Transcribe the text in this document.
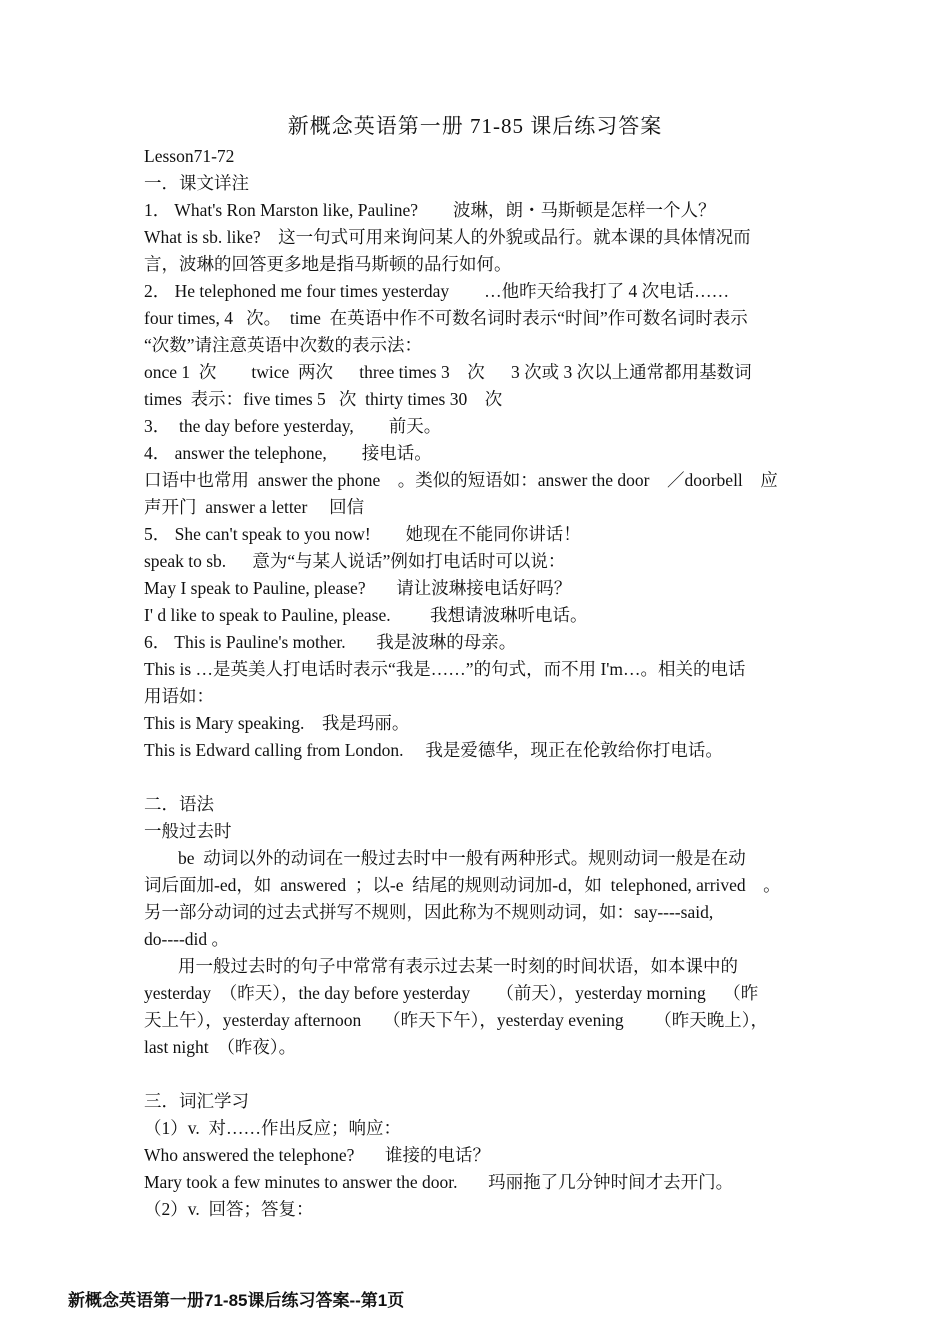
新概念英语第一册 71-85 课后练习答案
Lesson71-72
一．课文详注
1． What's Ron Marston like, Pauline?        波琳，朗・马斯顿是怎样一个人？
What is sb. like?    这一句式可用来询问某人的外貌或品行。就本课的具体情况而
言，波琳的回答更多地是指马斯顿的品行如何。
2． He telephoned me four times yesterday        …他昨天给我打了 4 次电话……
four times, 4   次。  time  在英语中作不可数名词时表示“时间”作可数名词时表示
“次数”请注意英语中次数的表示法：
once 1  次        twice  两次      three times 3    次      3 次或 3 次以上通常都用基数词
times  表示：five times 5   次  thirty times 30    次
3．  the day before yesterday,        前天。
4． answer the telephone,        接电话。
口语中也常用  answer the phone    。类似的短语如：answer the door    ／doorbell    应
声开门  answer a letter     回信
5． She can't speak to you now!        她现在不能同你讲话！
speak to sb.      意为“与某人说话”例如打电话时可以说：
May I speak to Pauline, please?       请让波琳接电话好吗？
I' d like to speak to Pauline, please.         我想请波琳听电话。
6． This is Pauline's mother.       我是波琳的母亲。
This is …是英美人打电话时表示“我是……”的句式，而不用 I'm…。相关的电话
用语如：
This is Mary speaking.    我是玛丽。
This is Edward calling from London.     我是爱德华，现正在伦敦给你打电话。
二．语法
一般过去时
be  动词以外的动词在一般过去时中一般有两种形式。规则动词一般是在动
词后面加-ed，如  answered  ；以-e  结尾的规则动词加-d，如  telephoned, arrived    。
另一部分动词的过去式拼写不规则，因此称为不规则动词，如：say----said,
do----did 。
用一般过去时的句子中常常有表示过去某一时刻的时间状语，如本课中的
yesterday  （昨天），the day before yesterday      （前天），yesterday morning    （昨
天上午），yesterday afternoon     （昨天下午），yesterday evening       （昨天晚上），
last night  （昨夜）。
三．词汇学习
（1）v.  对……作出反应；响应：
Who answered the telephone?       谁接的电话？
Mary took a few minutes to answer the door.       玛丽拖了几分钟时间才去开门。
（2）v.  回答；答复：
新概念英语第一册71-85课后练习答案--第1页
